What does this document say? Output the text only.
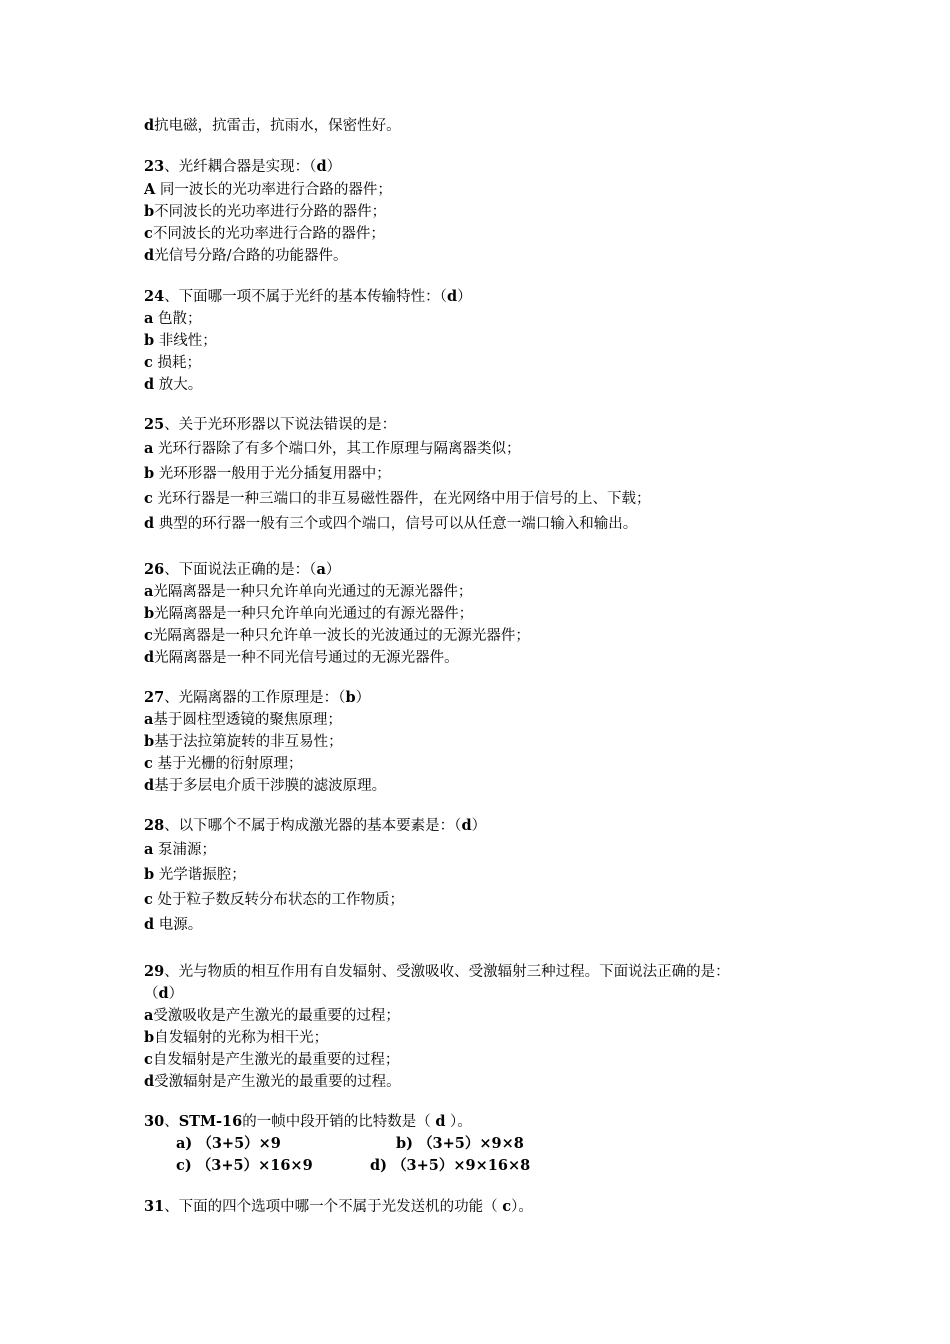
d抗电磁，抗雷击，抗雨水，保密性好。
23、光纤耦合器是实现：（d）
A 同一波长的光功率进行合路的器件；
b不同波长的光功率进行分路的器件；
c不同波长的光功率进行合路的器件；
d光信号分路/合路的功能器件。
24、下面哪一项不属于光纤的基本传输特性：（d）
a 色散；
b 非线性；
c 损耗；
d 放大。
25、关于光环形器以下说法错误的是：
a 光环行器除了有多个端口外，其工作原理与隔离器类似；
b 光环形器一般用于光分插复用器中；
c 光环行器是一种三端口的非互易磁性器件，在光网络中用于信号的上、下载；
d 典型的环行器一般有三个或四个端口，信号可以从任意一端口输入和输出。
26、下面说法正确的是：（a）
a光隔离器是一种只允许单向光通过的无源光器件；
b光隔离器是一种只允许单向光通过的有源光器件；
c光隔离器是一种只允许单一波长的光波通过的无源光器件；
d光隔离器是一种不同光信号通过的无源光器件。
27、光隔离器的工作原理是：（b）
a基于圆柱型透镜的聚焦原理；
b基于法拉第旋转的非互易性；
c 基于光栅的衍射原理；
d基于多层电介质干涉膜的滤波原理。
28、以下哪个不属于构成激光器的基本要素是：（d）
a 泵浦源；
b 光学谐振腔；
c 处于粒子数反转分布状态的工作物质；
d 电源。
29、光与物质的相互作用有自发辐射、受激吸收、受激辐射三种过程。下面说法正确的是：
（d）
a受激吸收是产生激光的最重要的过程；
b自发辐射的光称为相干光；
c自发辐射是产生激光的最重要的过程；
d受激辐射是产生激光的最重要的过程。
30、STM-16的一帧中段开销的比特数是（ d ）。
a) （3+5）×9	b) （3+5）×9×8
c) （3+5）×16×9	d) （3+5）×9×16×8
31、下面的四个选项中哪一个不属于光发送机的功能（ c）。
